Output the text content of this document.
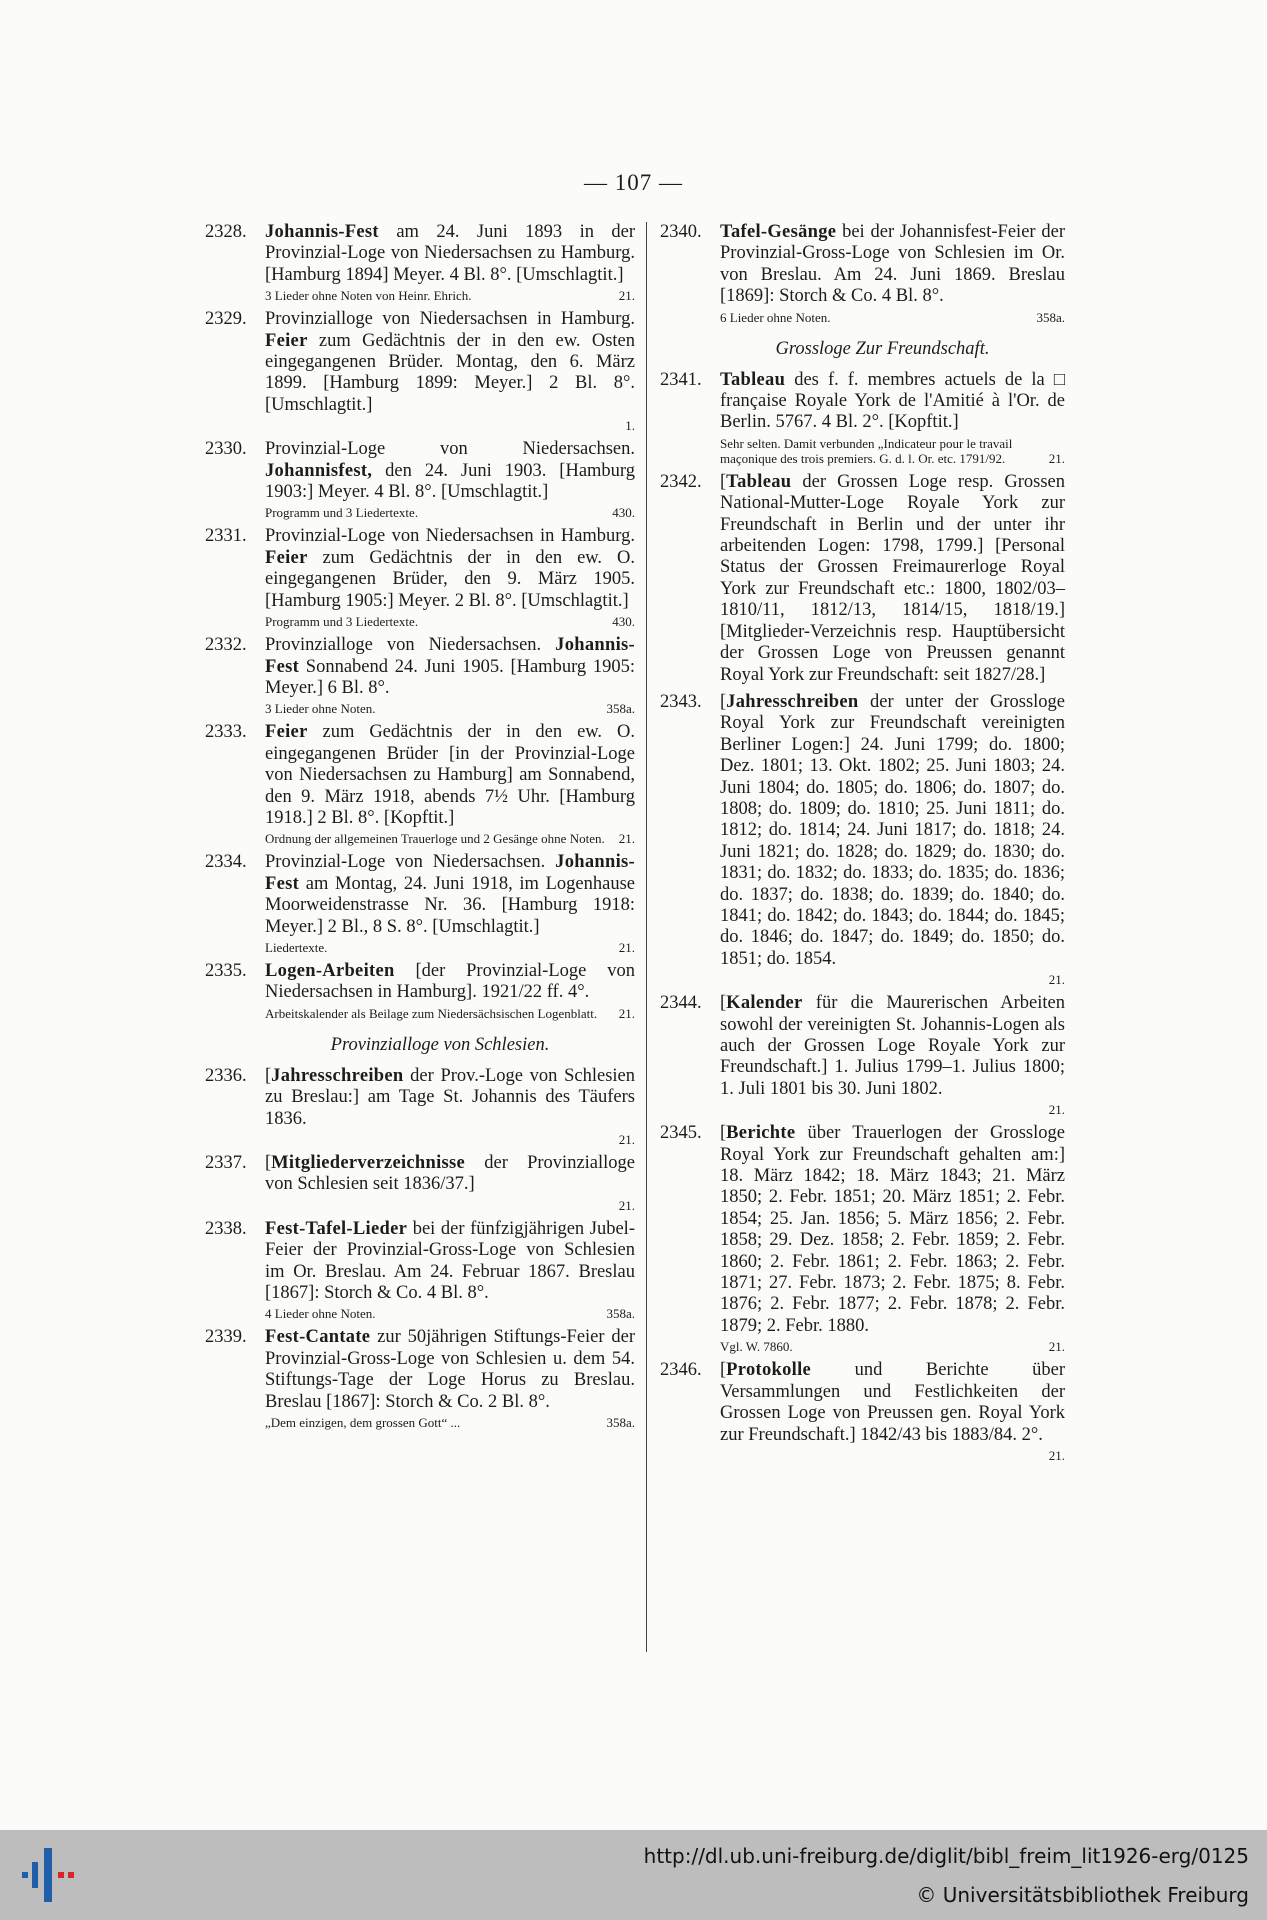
— 107 —
2328. Johannis-Fest am 24. Juni 1893 in der Provinzial-Loge von Niedersachsen zu Hamburg. [Hamburg 1894] Meyer. 4 Bl. 8°. [Umschlagtit.]
3 Lieder ohne Noten von Heinr. Ehrich.	21.
2329. Provinzialloge von Niedersachsen in Hamburg. Feier zum Gedächtnis der in den ew. Osten eingegangenen Brüder. Montag, den 6. März 1899. [Hamburg 1899: Meyer.] 2 Bl. 8°. [Umschlagtit.]
1.
2330. Provinzial-Loge von Niedersachsen. Johannisfest, den 24. Juni 1903. [Hamburg 1903:] Meyer. 4 Bl. 8°. [Umschlagtit.]
Programm und 3 Liedertexte.	430.
2331. Provinzial-Loge von Niedersachsen in Hamburg. Feier zum Gedächtnis der in den ew. O. eingegangenen Brüder, den 9. März 1905. [Hamburg 1905:] Meyer. 2 Bl. 8°. [Umschlagtit.]
Programm und 3 Liedertexte.	430.
2332. Provinzialloge von Niedersachsen. Johannis-Fest Sonnabend 24. Juni 1905. [Hamburg 1905: Meyer.] 6 Bl. 8°.
3 Lieder ohne Noten.	358a.
2333. Feier zum Gedächtnis der in den ew. O. eingegangenen Brüder [in der Provinzial-Loge von Niedersachsen zu Hamburg] am Sonnabend, den 9. März 1918, abends 7½ Uhr. [Hamburg 1918.] 2 Bl. 8°. [Kopftit.]
Ordnung der allgemeinen Trauerloge und 2 Gesänge ohne Noten. 21.
2334. Provinzial-Loge von Niedersachsen. Johannis-Fest am Montag, 24. Juni 1918, im Logenhause Moorweidenstrasse Nr. 36. [Hamburg 1918: Meyer.] 2 Bl., 8 S. 8°. [Umschlagtit.]
Liedertexte.	21.
2335. Logen-Arbeiten [der Provinzial-Loge von Niedersachsen in Hamburg]. 1921/22 ff. 4°.
Arbeitskalender als Beilage zum Niedersächsischen Logenblatt. 21.
Provinzialloge von Schlesien.
2336. [Jahresschreiben der Prov.-Loge von Schlesien zu Breslau:] am Tage St. Johannis des Täufers 1836.
21.
2337. [Mitgliederverzeichnisse der Provinzialloge von Schlesien seit 1836/37.]
21.
2338. Fest-Tafel-Lieder bei der fünfzigjährigen Jubel-Feier der Provinzial-Gross-Loge von Schlesien im Or. Breslau. Am 24. Februar 1867. Breslau [1867]: Storch & Co. 4 Bl. 8°.
4 Lieder ohne Noten.	358a.
2339. Fest-Cantate zur 50jährigen Stiftungs-Feier der Provinzial-Gross-Loge von Schlesien u. dem 54. Stiftungs-Tage der Loge Horus zu Breslau. Breslau [1867]: Storch & Co. 2 Bl. 8°.
„Dem einzigen, dem grossen Gott“ ...	358a.
2340. Tafel-Gesänge bei der Johannisfest-Feier der Provinzial-Gross-Loge von Schlesien im Or. von Breslau. Am 24. Juni 1869. Breslau [1869]: Storch & Co. 4 Bl. 8°.
6 Lieder ohne Noten.	358a.
Grossloge Zur Freundschaft.
2341. Tableau des f. f. membres actuels de la □ française Royale York de l'Amitié à l'Or. de Berlin. 5767. 4 Bl. 2°. [Kopftit.]
Sehr selten. Damit verbunden „Indicateur pour le travail maçonique des trois premiers. G. d. l. Or. etc. 1791/92.	21.
2342. [Tableau der Grossen Loge resp. Grossen National-Mutter-Loge Royale York zur Freundschaft in Berlin und der unter ihr arbeitenden Logen: 1798, 1799.] [Personal Status der Grossen Freimaurerloge Royal York zur Freundschaft etc.: 1800, 1802/03–1810/11, 1812/13, 1814/15, 1818/19.] [Mitglieder-Verzeichnis resp. Hauptübersicht der Grossen Loge von Preussen genannt Royal York zur Freundschaft: seit 1827/28.]
2343. [Jahresschreiben der unter der Grossloge Royal York zur Freundschaft vereinigten Berliner Logen:] 24. Juni 1799; do. 1800; Dez. 1801; 13. Okt. 1802; 25. Juni 1803; 24. Juni 1804; do. 1805; do. 1806; do. 1807; do. 1808; do. 1809; do. 1810; 25. Juni 1811; do. 1812; do. 1814; 24. Juni 1817; do. 1818; 24. Juni 1821; do. 1828; do. 1829; do. 1830; do. 1831; do. 1832; do. 1833; do. 1835; do. 1836; do. 1837; do. 1838; do. 1839; do. 1840; do. 1841; do. 1842; do. 1843; do. 1844; do. 1845; do. 1846; do. 1847; do. 1849; do. 1850; do. 1851; do. 1854.
21.
2344. [Kalender für die Maurerischen Arbeiten sowohl der vereinigten St. Johannis-Logen als auch der Grossen Loge Royale York zur Freundschaft.] 1. Julius 1799–1. Julius 1800; 1. Juli 1801 bis 30. Juni 1802.
21.
2345. [Berichte über Trauerlogen der Grossloge Royal York zur Freundschaft gehalten am:] 18. März 1842; 18. März 1843; 21. März 1850; 2. Febr. 1851; 20. März 1851; 2. Febr. 1854; 25. Jan. 1856; 5. März 1856; 2. Febr. 1858; 29. Dez. 1858; 2. Febr. 1859; 2. Febr. 1860; 2. Febr. 1861; 2. Febr. 1863; 2. Febr. 1871; 27. Febr. 1873; 2. Febr. 1875; 8. Febr. 1876; 2. Febr. 1877; 2. Febr. 1878; 2. Febr. 1879; 2. Febr. 1880.
Vgl. W. 7860.	21.
2346. [Protokolle und Berichte über Versammlungen und Festlichkeiten der Grossen Loge von Preussen gen. Royal York zur Freundschaft.] 1842/43 bis 1883/84. 2°.
21.
http://dl.ub.uni-freiburg.de/diglit/bibl_freim_lit1926-erg/0125
© Universitätsbibliothek Freiburg
